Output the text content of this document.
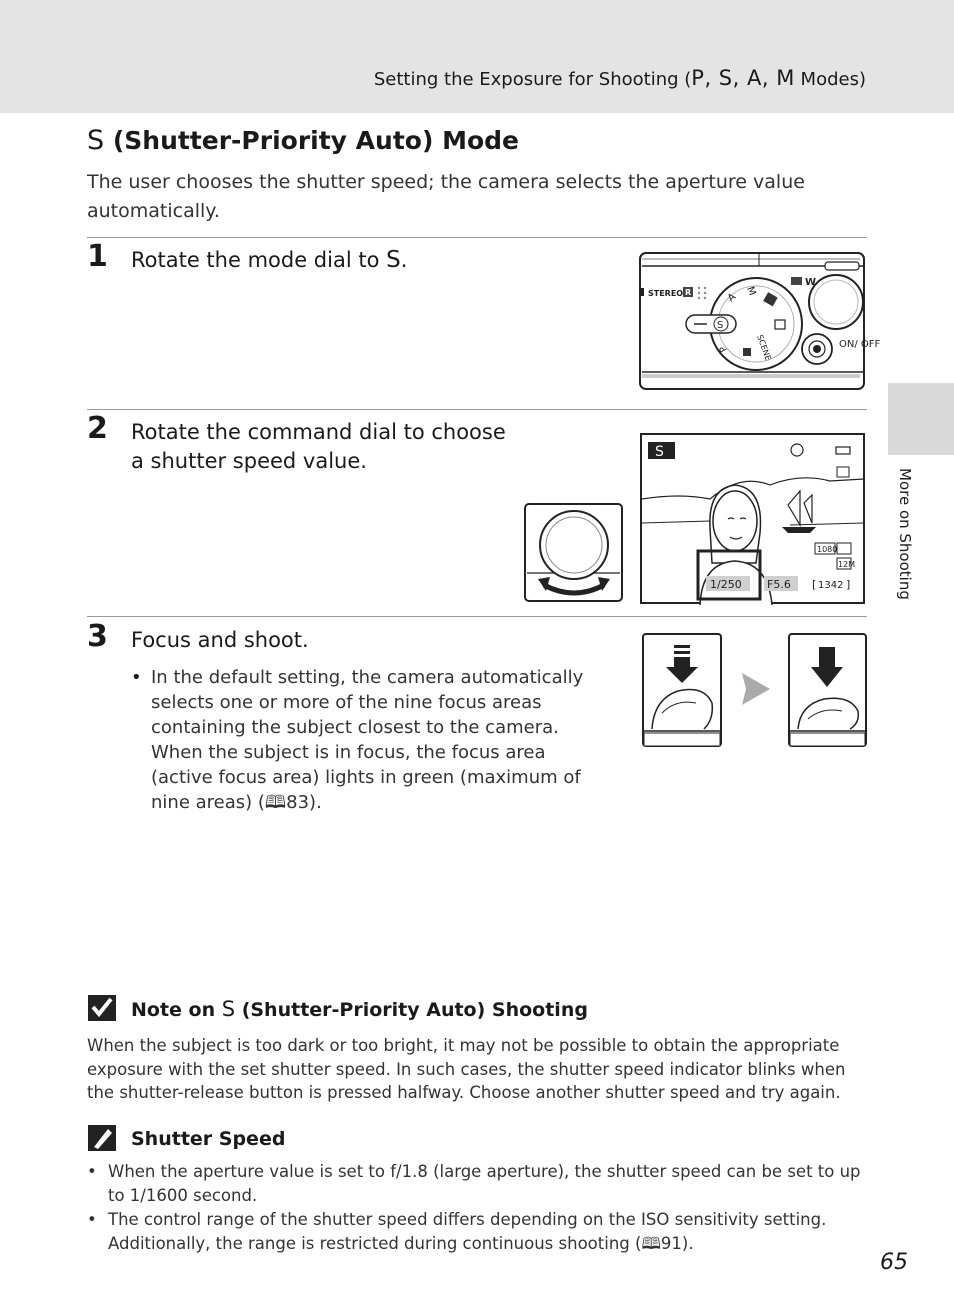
Setting the Exposure for Shooting (P, S, A, M Modes)
More on Shooting
S (Shutter-Priority Auto) Mode
The user chooses the shutter speed; the camera selects the aperture value automatically.
1 Rotate the mode dial to S.
A
M
P	SCENE
S
STEREO R
W
ON/ OFF
2 Rotate the command dial to choose a shutter speed value.	S
1080
12M
1/250 F5.6 [ 1342 ]
3 Focus and shoot.
• In the default setting, the camera automatically selects one or more of the nine focus areas containing the subject closest to the camera. When the subject is in focus, the focus area (active focus area) lights in green (maximum of nine areas) (🕮83).
Note on S (Shutter-Priority Auto) Shooting
When the subject is too dark or too bright, it may not be possible to obtain the appropriate exposure with the set shutter speed. In such cases, the shutter speed indicator blinks when the shutter-release button is pressed halfway. Choose another shutter speed and try again.
Shutter Speed
• When the aperture value is set to f/1.8 (large aperture), the shutter speed can be set to up to 1/1600 second.
• The control range of the shutter speed differs depending on the ISO sensitivity setting. Additionally, the range is restricted during continuous shooting (🕮91).
65
